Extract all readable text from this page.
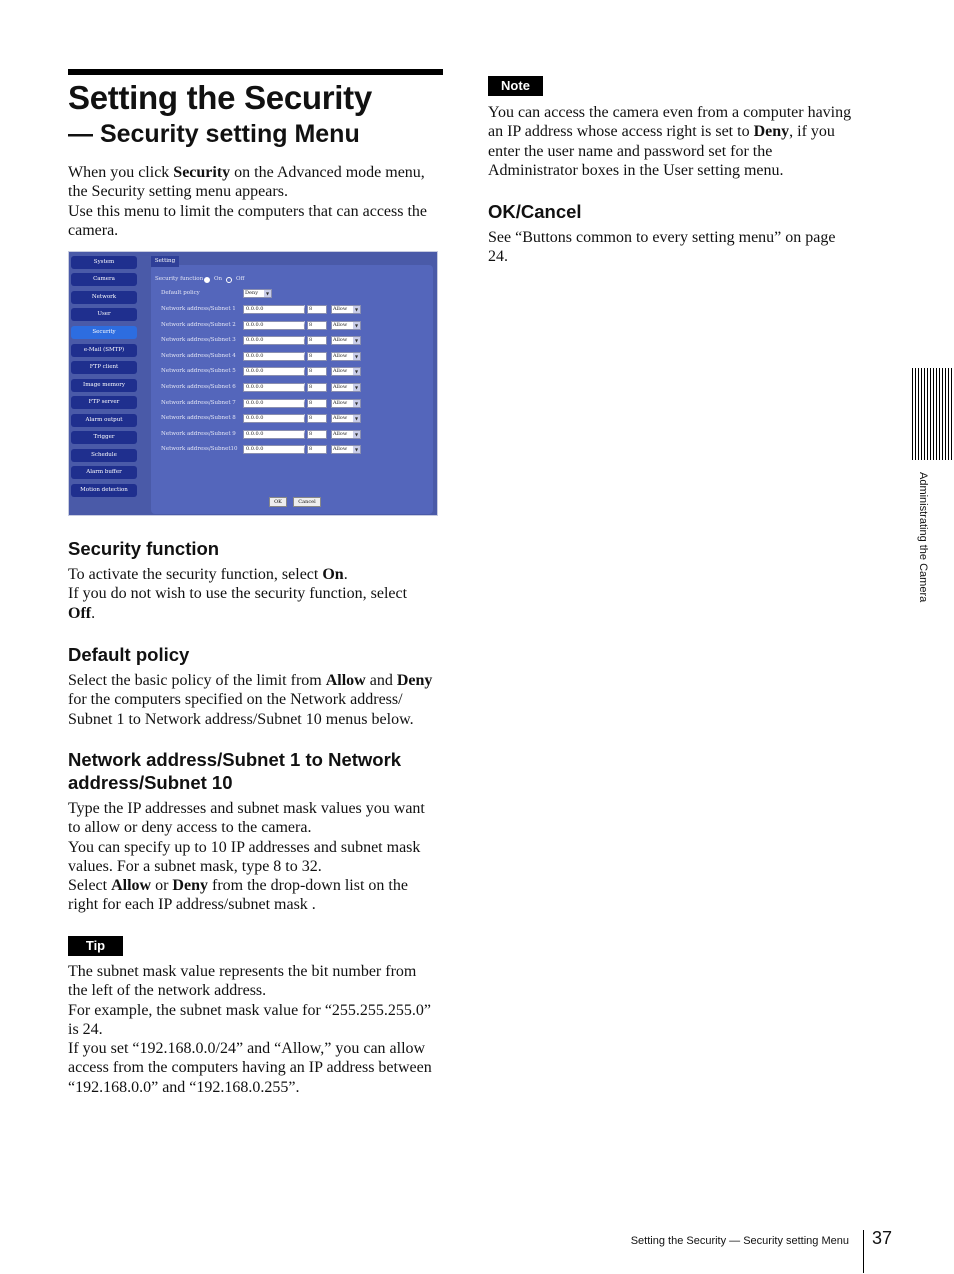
Setting the Security
— Security setting Menu

When you click Security on the Advanced mode menu,
the Security setting menu appears.
Use this menu to limit the computers that can access the
camera.

System
Camera
Network
User
Security
e-Mail (SMTP)
FTP client
Image memory
FTP server
Alarm output
Trigger
Schedule
Alarm buffer
Motion detection
Security function On	Off
Default policy	Deny	▼
Network address/Subnet 1	0.0.0.0	/ 8	Allow	▼
Network address/Subnet 2	0.0.0.0	/ 8	Allow	▼
Network address/Subnet 3	0.0.0.0	/ 8	Allow	▼
Network address/Subnet 4	0.0.0.0	/ 8	Allow	▼
Network address/Subnet 5	0.0.0.0	/ 8	Allow	▼
Network address/Subnet 6	0.0.0.0	/ 8	Allow	▼
Network address/Subnet 7	0.0.0.0	/ 8	Allow	▼
Network address/Subnet 8	0.0.0.0	/ 8	Allow	▼
Network address/Subnet 9	0.0.0.0	/ 8	Allow	▼
Network address/Subnet10	0.0.0.0	/ 8	Allow	▼
OK	Cancel
Setting
Security function

To activate the security function, select On.
If you do not wish to use the security function, select
Off.

Default policy

Select the basic policy of the limit from Allow and Deny
for the computers specified on the Network address/
Subnet 1 to Network address/Subnet 10 menus below.

Network address/Subnet 1 to Network
address/Subnet 10

Type the IP addresses and subnet mask values you want
to allow or deny access to the camera.
You can specify up to 10 IP addresses and subnet mask
values. For a subnet mask, type 8 to 32.
Select Allow or Deny from the drop-down list on the
right for each IP address/subnet mask .

Tip

The subnet mask value represents the bit number from
the left of the network address.
For example, the subnet mask value for “255.255.255.0”
is 24.
If you set “192.168.0.0/24” and “Allow,” you can allow
access from the computers having an IP address between
“192.168.0.0” and “192.168.0.255”.

Note

You can access the camera even from a computer having
an IP address whose access right is set to Deny, if you
enter the user name and password set for the
Administrator boxes in the User setting menu.

OK/Cancel

See “Buttons common to every setting menu” on page
24.

Administrating the Camera
Setting the Security — Security setting Menu 37
